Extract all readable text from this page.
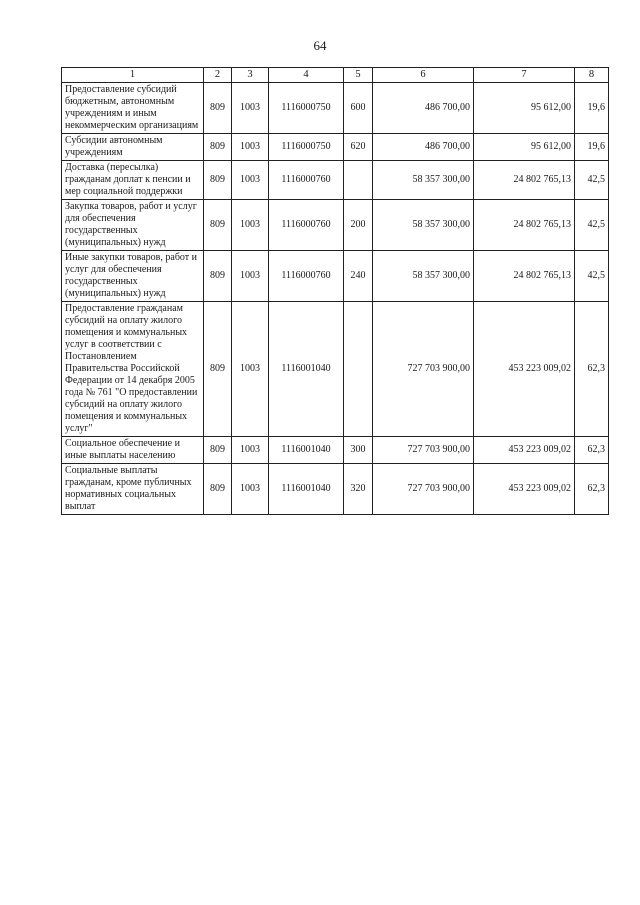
64
1	2	3	4	5	6	7	8
Предоставление субсидий бюджетным, автономным учреждениям и иным некоммерческим организациям	809	1003	1116000750	600	486 700,00	95 612,00	19,6
Субсидии автономным учреждениям	809	1003	1116000750	620	486 700,00	95 612,00	19,6
Доставка (пересылка) гражданам доплат к пенсии и мер социальной поддержки	809	1003	1116000760		58 357 300,00	24 802 765,13	42,5
Закупка товаров, работ и услуг для обеспечения государственных (муниципальных) нужд	809	1003	1116000760	200	58 357 300,00	24 802 765,13	42,5
Иные закупки товаров, работ и услуг для обеспечения государственных (муниципальных) нужд	809	1003	1116000760	240	58 357 300,00	24 802 765,13	42,5
Предоставление гражданам субсидий на оплату жилого помещения и коммунальных услуг в соответствии с Постановлением Правительства Российской Федерации от 14 декабря 2005 года № 761 "О предоставлении субсидий на оплату жилого помещения и коммунальных услуг"	809	1003	1116001040		727 703 900,00	453 223 009,02	62,3
Социальное обеспечение и иные выплаты населению	809	1003	1116001040	300	727 703 900,00	453 223 009,02	62,3
Социальные выплаты гражданам, кроме публичных нормативных социальных выплат	809	1003	1116001040	320	727 703 900,00	453 223 009,02	62,3
